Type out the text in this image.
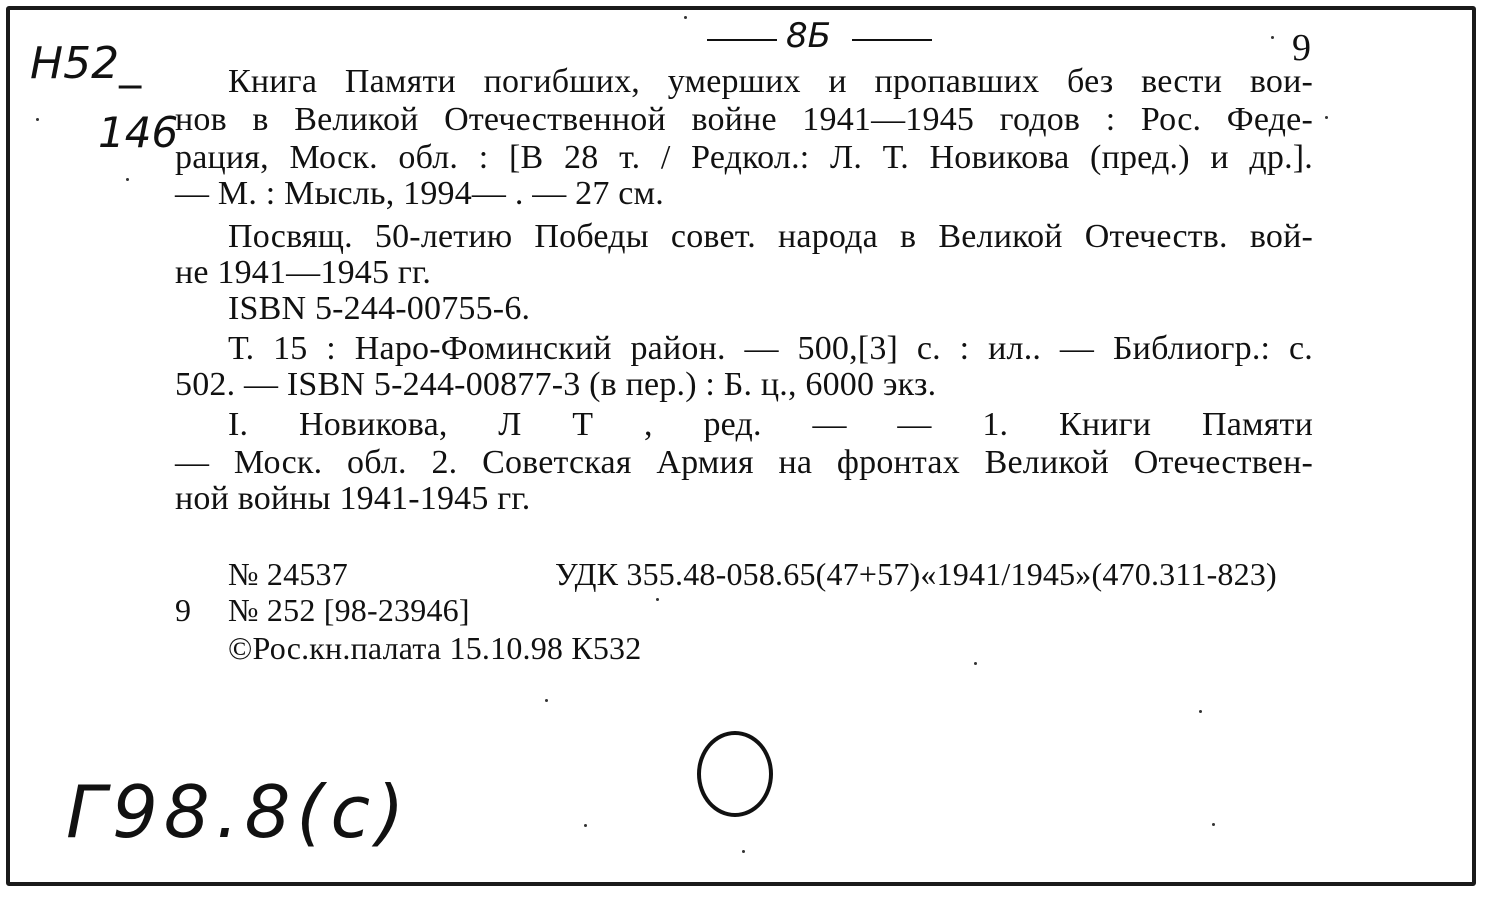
8Б	9
Н52_
146
Книга Памяти погибших, умерших и пропавших без вести вои-
нов в Великой Отечественной войне 1941—1945 годов : Рос. Феде-
рация, Моск. обл. : [В 28 т. / Редкол.: Л. Т. Новикова (пред.) и др.].
— М. : Мысль, 1994— . — 27 см.
Посвящ. 50-летию Победы совет. народа в Великой Отечеств. вой-
не 1941—1945 гг.
ISBN 5-244-00755-6.
Т. 15 : Наро-Фоминский район. — 500,[3] с. : ил.. — Библиогр.: с.
502. — ISBN 5-244-00877-3 (в пер.) : Б. ц., 6000 экз.
I. Новикова, Л Т , ред. — — 1. Книги Памяти
— Моск. обл. 2. Советская Армия на фронтах Великой Отечествен-
ной войны 1941-1945 гг.
№ 24537	УДК 355.48-058.65(47+57)«1941/1945»(470.311-823)
9 № 252 [98-23946]
©Рос.кн.палата 15.10.98 К532
Г98.8(с)
